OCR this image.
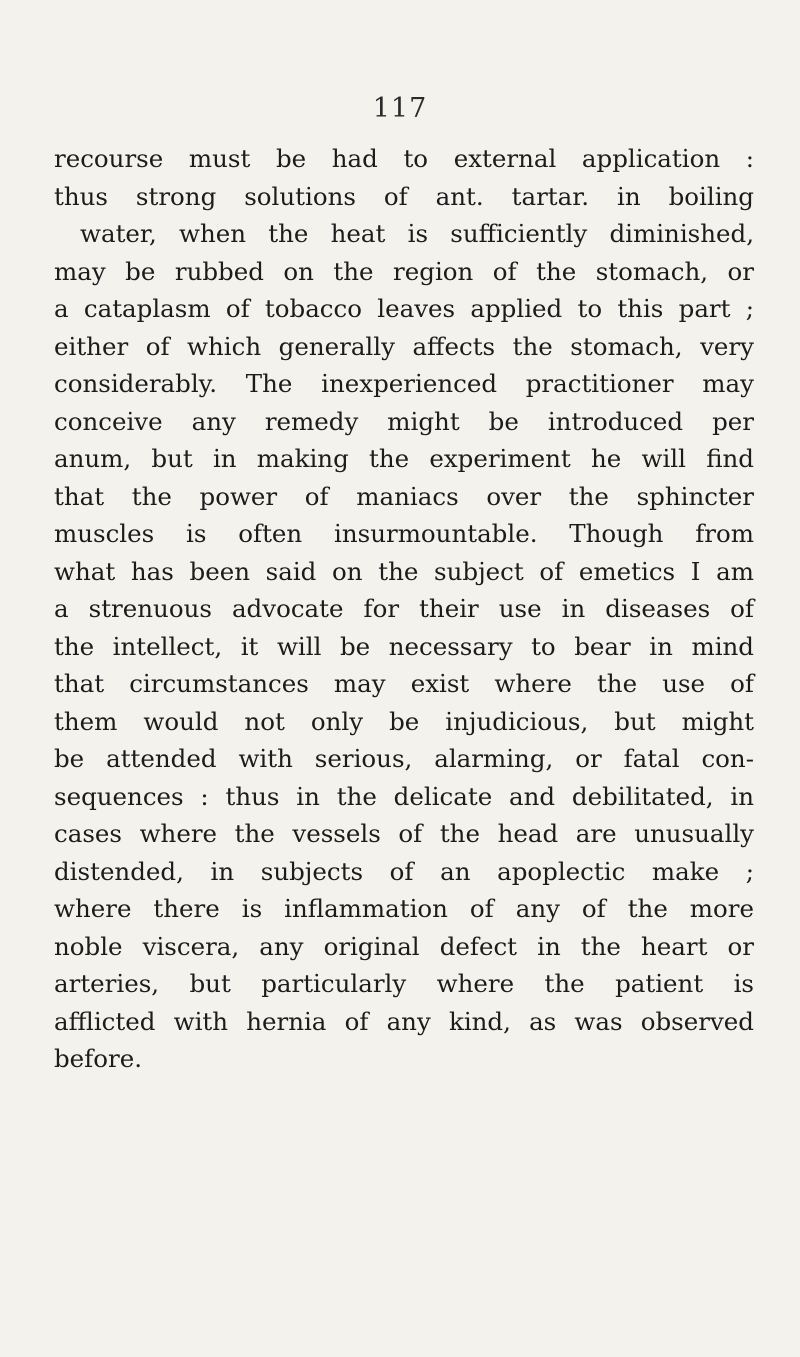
117
recourse must be had to external application :
thus strong solutions of ant. tartar. in boiling
water, when the heat is sufficiently diminished,
may be rubbed on the region of the stomach, or
a cataplasm of tobacco leaves applied to this part ;
either of which generally affects the stomach, very
considerably. The inexperienced practitioner may
conceive any remedy might be introduced per
anum, but in making the experiment he will find
that the power of maniacs over the sphincter
muscles is often insurmountable. Though from
what has been said on the subject of emetics I am
a strenuous advocate for their use in diseases of
the intellect, it will be necessary to bear in mind
that circumstances may exist where the use of
them would not only be injudicious, but might
be attended with serious, alarming, or fatal con-
sequences : thus in the delicate and debilitated, in
cases where the vessels of the head are unusually
distended, in subjects of an apoplectic make ;
where there is inflammation of any of the more
noble viscera, any original defect in the heart or
arteries, but particularly where the patient is
afflicted with hernia of any kind, as was observed
before.
